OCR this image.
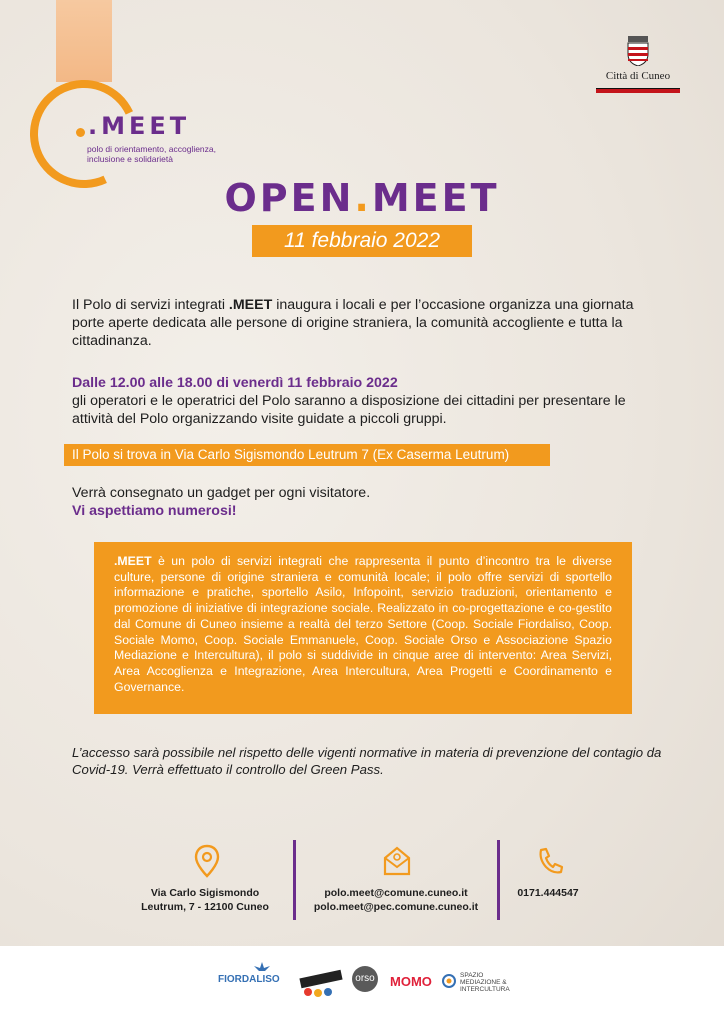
.MEET
polo di orientamento, accoglienza, inclusione e solidarietà
Città di Cuneo
OPEN.MEET
11 febbraio 2022

Il Polo di servizi integrati .MEET inaugura i locali e per l’occasione organizza una giornata porte aperte dedicata alle persone di origine straniera, la comunità accogliente e tutta la cittadinanza.

Dalle 12.00 alle 18.00 di venerdì 11 febbraio 2022

gli operatori e le operatrici del Polo saranno a disposizione dei cittadini per presentare le attività del Polo organizzando visite guidate a piccoli gruppi.

Il Polo si trova in Via Carlo Sigismondo Leutrum 7 (Ex Caserma Leutrum)

Verrà consegnato un gadget per ogni visitatore.

Vi aspettiamo numerosi!

.MEET è un polo di servizi integrati che rappresenta il punto d’incontro tra le diverse culture, persone di origine straniera e comunità locale; il polo offre servizi di sportello informazione e pratiche, sportello Asilo, Infopoint, servizio traduzioni, orientamento e promozione di iniziative di integrazione sociale. Realizzato in co-progettazione e co-gestito dal Comune di Cuneo insieme a realtà del terzo Settore (Coop. Sociale Fiordaliso, Coop. Sociale Momo, Coop. Sociale Emmanuele, Coop. Sociale Orso e Associazione Spazio Mediazione e Intercultura), il polo si suddivide in cinque aree di intervento: Area Servizi, Area Accoglienza e Integrazione, Area Intercultura, Area Progetti e Coordinamento e Governance.

L’accesso sarà possibile nel rispetto delle vigenti normative in materia di prevenzione del contagio da Covid-19. Verrà effettuato il controllo del Green Pass.

Via Carlo Sigismondo
Leutrum, 7 - 12100 Cuneo
polo.meet@comune.cuneo.it
polo.meet@pec.comune.cuneo.it
0171.444547
FIORDALISO	orso MOMO	SPAZIO MEDIAZIONE & INTERCULTURA
